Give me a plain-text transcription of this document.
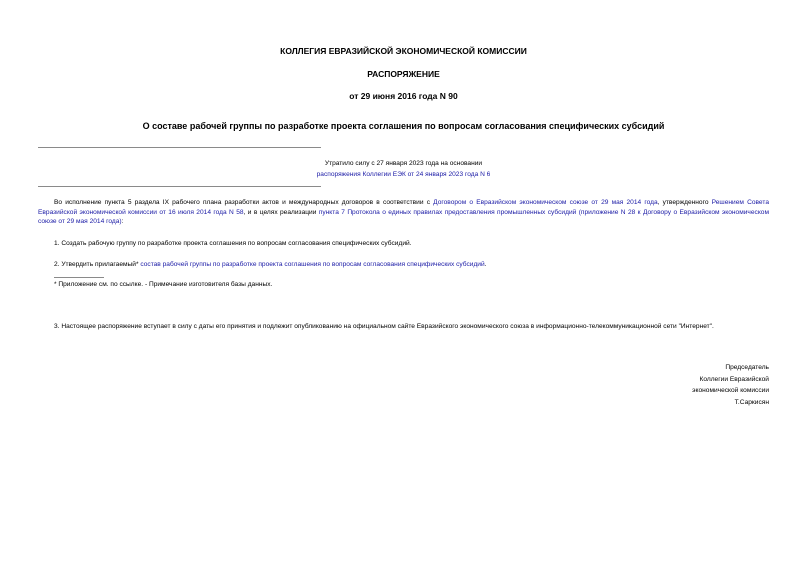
КОЛЛЕГИЯ ЕВРАЗИЙСКОЙ ЭКОНОМИЧЕСКОЙ КОМИССИИ
РАСПОРЯЖЕНИЕ
от 29 июня 2016 года N 90
О составе рабочей группы по разработке проекта соглашения по вопросам согласования специфических субсидий
Утратило силу с 27 января 2023 года на основании
распоряжения Коллегии ЕЭК от 24 января 2023 года N 6
Во исполнение пункта 5 раздела IX рабочего плана разработки актов и международных договоров в соответствии с Договором о Евразийском экономическом союзе от 29 мая 2014 года, утвержденного Решением Совета Евразийской экономической комиссии от 16 июля 2014 года N 58, и в целях реализации пункта 7 Протокола о единых правилах предоставления промышленных субсидий (приложение N 28 к Договору о Евразийском экономическом союзе от 29 мая 2014 года):
1. Создать рабочую группу по разработке проекта соглашения по вопросам согласования специфических субсидий.
2. Утвердить прилагаемый* состав рабочей группы по разработке проекта соглашения по вопросам согласования специфических субсидий.
* Приложение см. по ссылке. - Примечание изготовителя базы данных.
3. Настоящее распоряжение вступает в силу с даты его принятия и подлежит опубликованию на официальном сайте Евразийского экономического союза в информационно-телекоммуникационной сети "Интернет".
Председатель
Коллегии Евразийской
экономической комиссии
Т.Саркисян
